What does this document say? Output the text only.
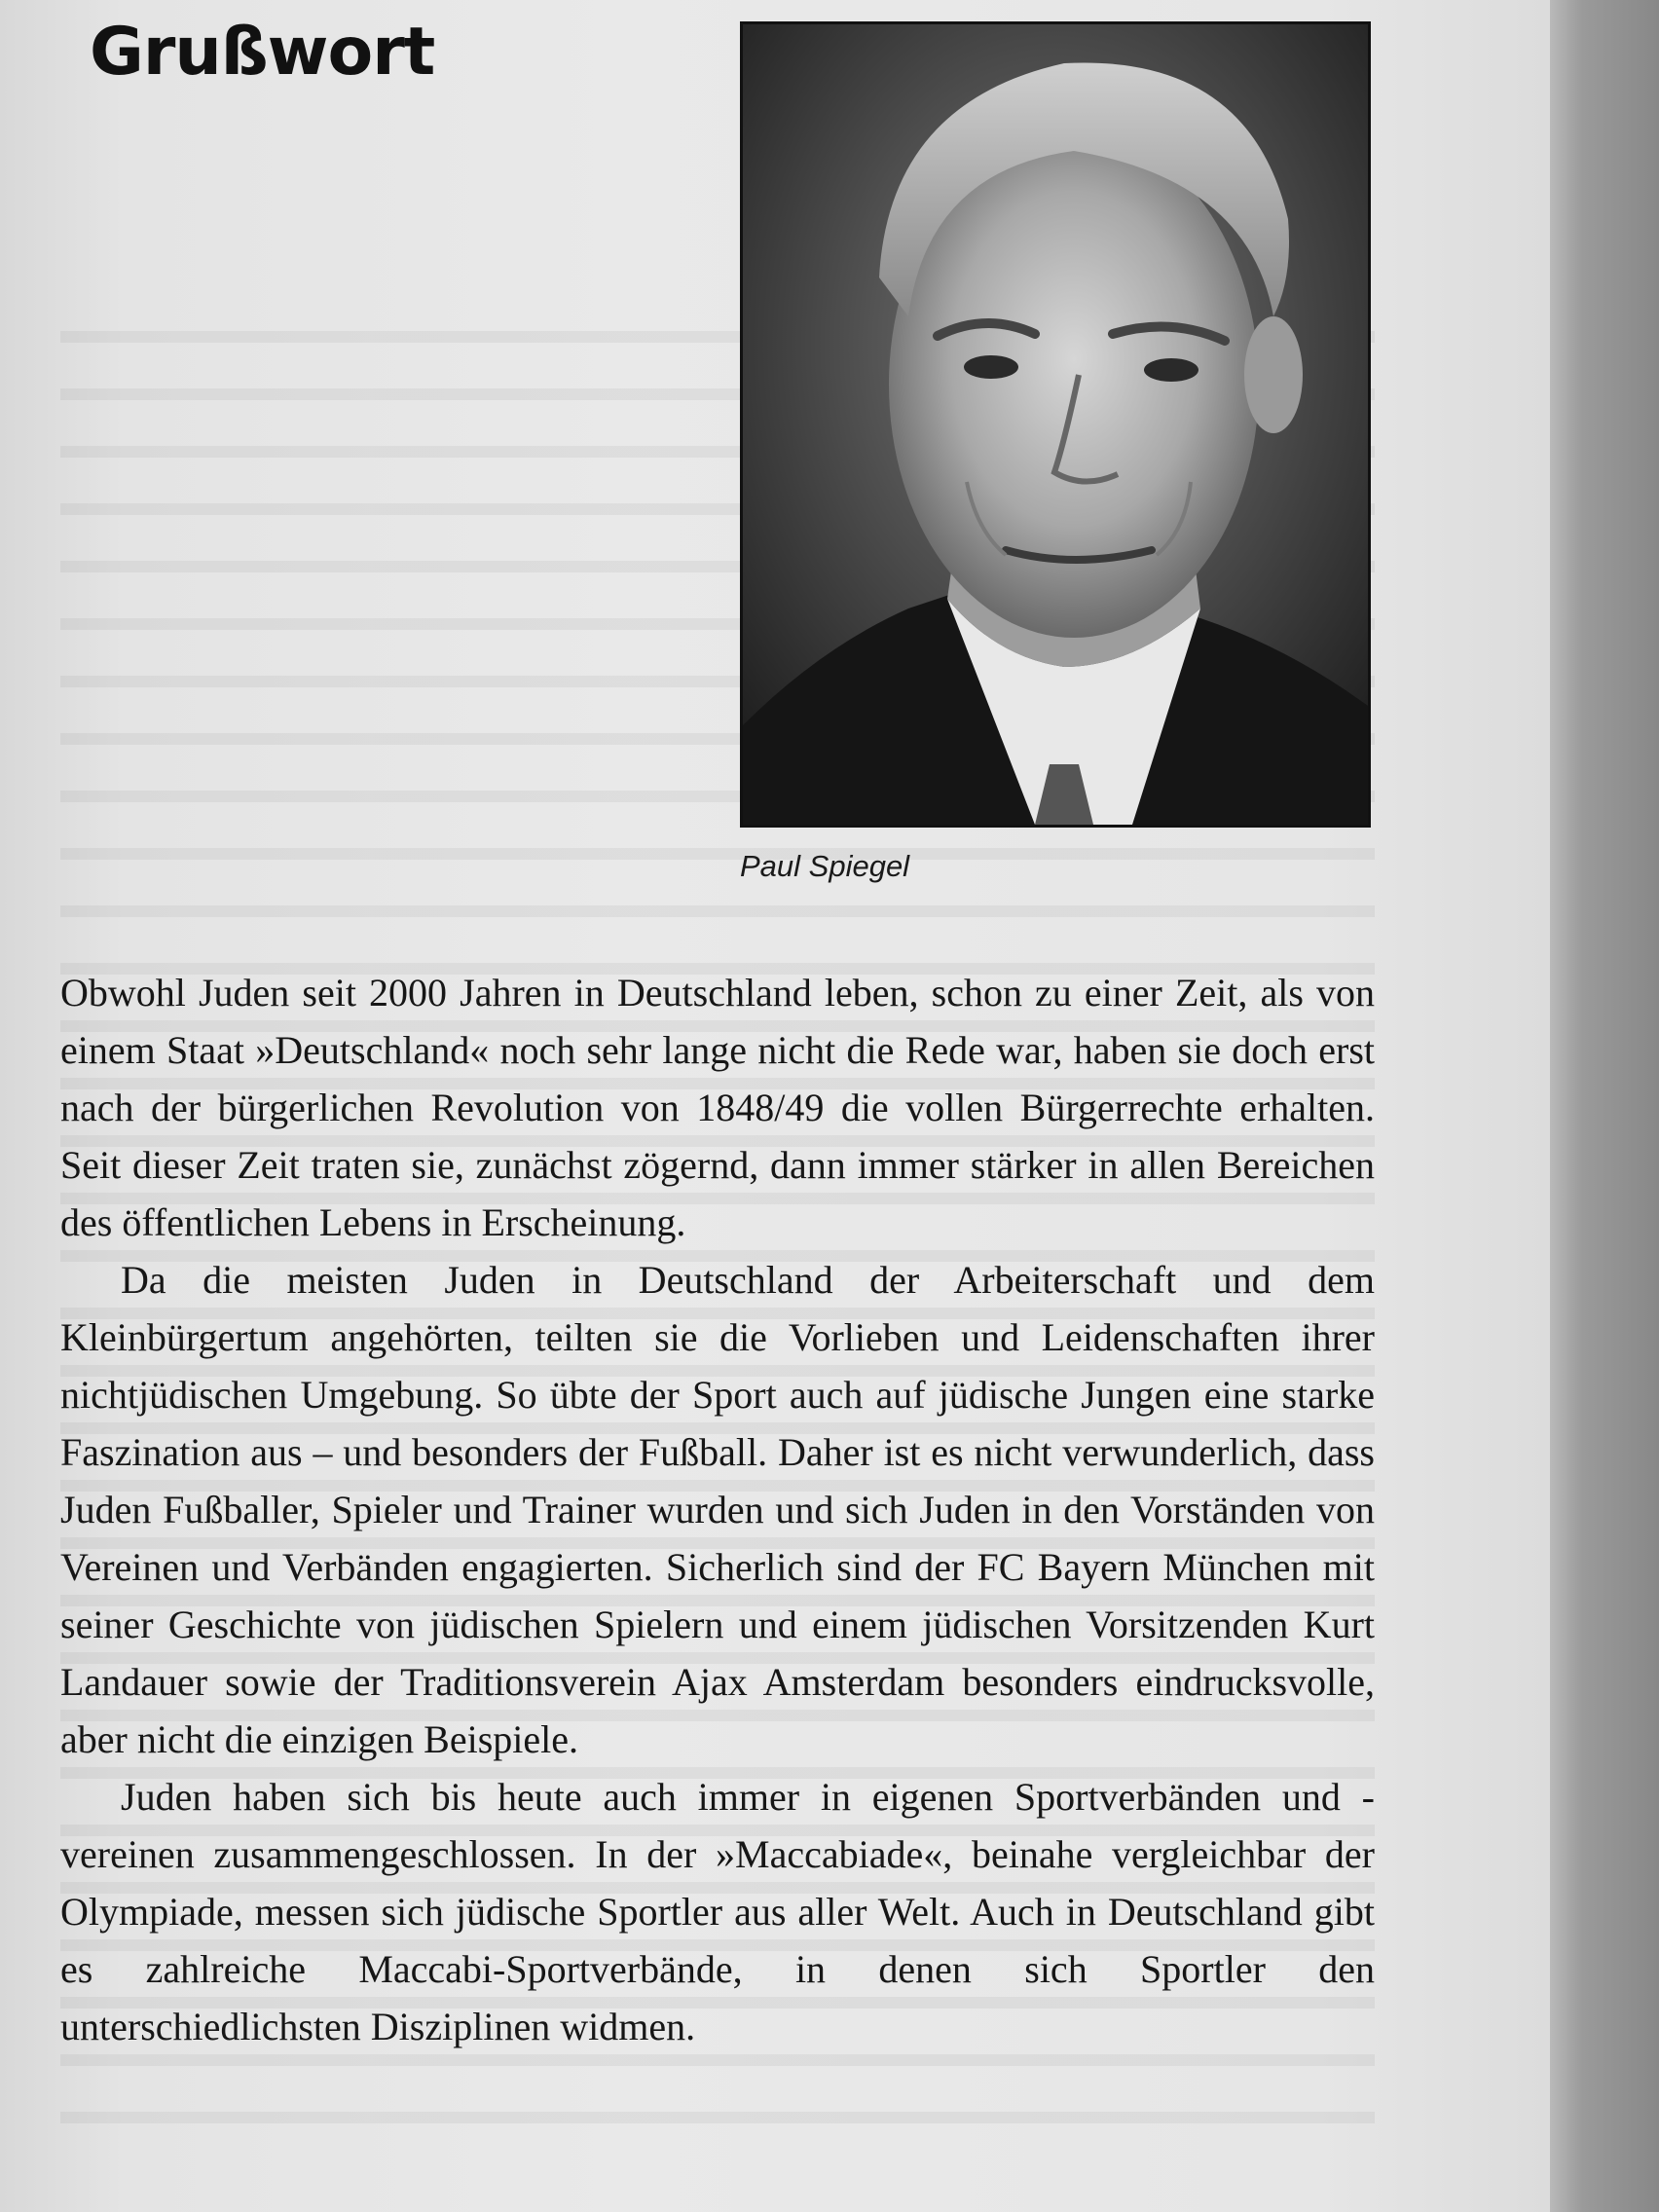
Grußwort
Paul Spiegel

Obwohl Juden seit 2000 Jahren in Deutschland leben, schon zu einer Zeit, als von einem Staat »Deutschland« noch sehr lange nicht die Rede war, haben sie doch erst nach der bürgerlichen Revolution von 1848/49 die vollen Bürgerrechte erhalten. Seit dieser Zeit traten sie, zunächst zögernd, dann immer stärker in allen Bereichen des öffentlichen Lebens in Erscheinung.

Da die meisten Juden in Deutschland der Arbeiterschaft und dem Kleinbürgertum angehörten, teilten sie die Vorlieben und Leidenschaften ihrer nichtjüdischen Umgebung. So übte der Sport auch auf jüdische Jungen eine starke Faszination aus – und besonders der Fußball. Daher ist es nicht verwunderlich, dass Juden Fußballer, Spieler und Trainer wurden und sich Juden in den Vorständen von Vereinen und Verbänden engagierten. Sicherlich sind der FC Bayern München mit seiner Geschichte von jüdischen Spielern und einem jüdischen Vorsitzenden Kurt Landauer sowie der Traditionsverein Ajax Amsterdam besonders eindrucksvolle, aber nicht die einzigen Beispiele.

Juden haben sich bis heute auch immer in eigenen Sportverbänden und -vereinen zusammengeschlossen. In der »Maccabiade«, beinahe vergleichbar der Olympiade, messen sich jüdische Sportler aus aller Welt. Auch in Deutschland gibt es zahlreiche Maccabi-Sportverbände, in denen sich Sportler den unterschiedlichsten Disziplinen widmen.
